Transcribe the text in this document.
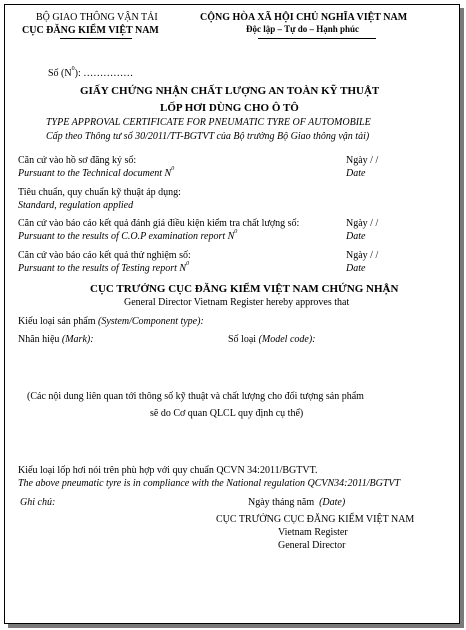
BỘ GIAO THÔNG VẬN TẢI
CỤC ĐĂNG KIỂM VIỆT NAM
CỘNG HÒA XÃ HỘI CHỦ NGHĨA VIỆT NAM
Độc lập – Tự do – Hạnh phúc
Số $(N^0)$: ……………
GIẤY CHỨNG NHẬN CHẤT LƯỢNG AN TOÀN KỸ THUẬT
LỐP HƠI DÙNG CHO Ô TÔ
TYPE APPROVAL CERTIFICATE FOR PNEUMATIC TYRE OF AUTOMOBILE
Cấp theo Thông tư số 30/2011/TT-BGTVT của Bộ trưởng Bộ Giao thông vận tải)
Căn cứ vào hồ sơ đăng ký số:
Pursuant to the Technical document $N^0$
Ngày / /
Date
Tiêu chuẩn, quy chuẩn kỹ thuật áp dụng:
Standard, regulation applied
Căn cứ vào báo cáo kết quả đánh giá điều kiện kiểm tra chất lượng số:
Pursuant to the results of C.O.P examination report $N^0$
Ngày / /
Date
Căn cứ vào báo cáo kết quả thử nghiệm số:
Pursuant to the results of Testing report $N^0$
Ngày / /
Date
CỤC TRƯỞNG CỤC ĐĂNG KIỂM VIỆT NAM CHỨNG NHẬN
General Director Vietnam Register hereby approves that
Kiểu loại sản phẩm (System/Component type):
Nhãn hiệu (Mark):	Số loại (Model code):
(Các nội dung liên quan tới thông số kỹ thuật và chất lượng cho đối tượng sản phẩm
sẽ do Cơ quan QLCL quy định cụ thể)
Kiểu loại lốp hơi nói trên phù hợp với quy chuẩn QCVN 34:2011/BGTVT.
The above pneumatic tyre is in compliance with the National regulation QCVN34:2011/BGTVT
Ghi chú:	Ngày tháng năm (Date)
CỤC TRƯỞNG CỤC ĐĂNG KIỂM VIỆT NAM
Vietnam Register
General Director
